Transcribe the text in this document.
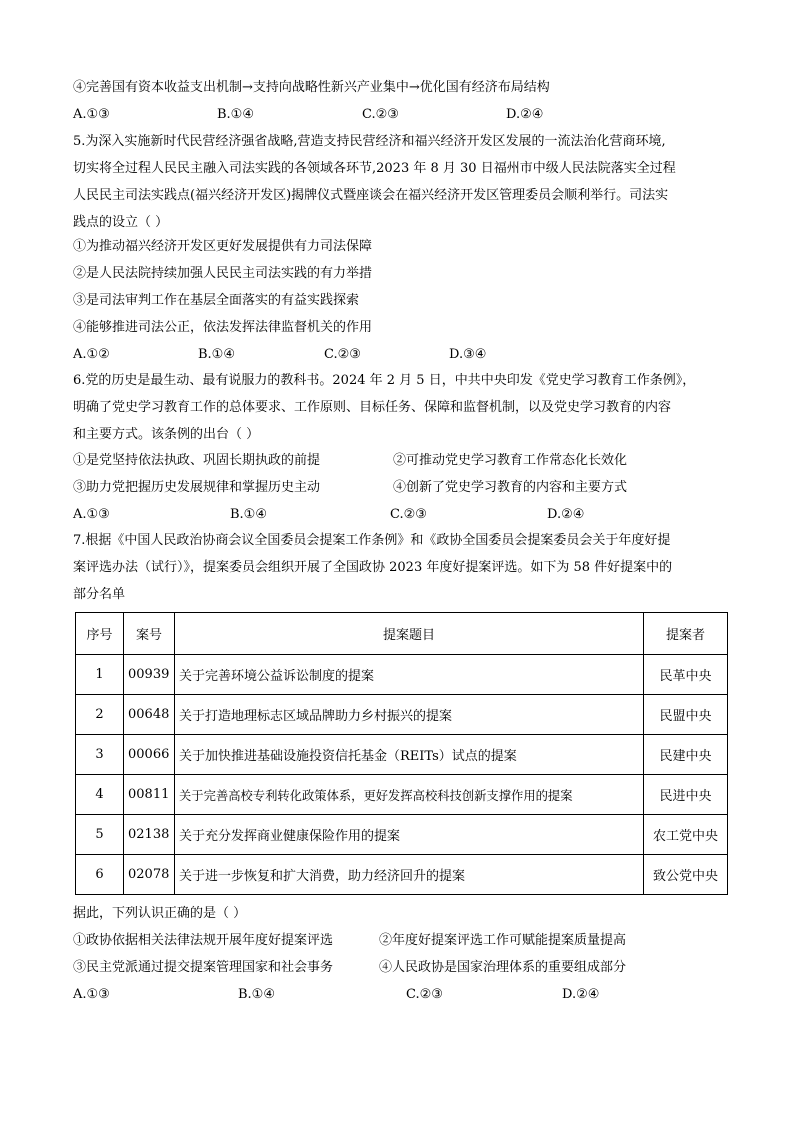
④完善国有资本收益支出机制→支持向战略性新兴产业集中→优化国有经济布局结构
A.①③	B.①④	C.②③	D.②④
5.为深入实施新时代民营经济强省战略,营造支持民营经济和福兴经济开发区发展的一流法治化营商环境,
切实将全过程人民民主融入司法实践的各领域各环节,2023 年 8 月 30 日福州市中级人民法院落实全过程
人民民主司法实践点(福兴经济开发区)揭牌仪式暨座谈会在福兴经济开发区管理委员会顺利举行。司法实
践点的设立（ ）
①为推动福兴经济开发区更好发展提供有力司法保障
②是人民法院持续加强人民民主司法实践的有力举措
③是司法审判工作在基层全面落实的有益实践探索
④能够推进司法公正，依法发挥法律监督机关的作用
A.①②	B.①④	C.②③	D.③④
6.党的历史是最生动、最有说服力的教科书。2024 年 2 月 5 日，中共中央印发《党史学习教育工作条例》，
明确了党史学习教育工作的总体要求、工作原则、目标任务、保障和监督机制，以及党史学习教育的内容
和主要方式。该条例的出台（ ）
①是党坚持依法执政、巩固长期执政的前提	②可推动党史学习教育工作常态化长效化
③助力党把握历史发展规律和掌握历史主动	④创新了党史学习教育的内容和主要方式
A.①③	B.①④	C.②③	D.②④
7.根据《中国人民政治协商会议全国委员会提案工作条例》和《政协全国委员会提案委员会关于年度好提
案评选办法（试行）》，提案委员会组织开展了全国政协 2023 年度好提案评选。如下为 58 件好提案中的
部分名单
序号	案号	提案题目	提案者
1	00939	关于完善环境公益诉讼制度的提案	民革中央
2	00648	关于打造地理标志区域品牌助力乡村振兴的提案	民盟中央
3	00066	关于加快推进基础设施投资信托基金（REITs）试点的提案	民建中央
4	00811	关于完善高校专利转化政策体系，更好发挥高校科技创新支撑作用的提案	民进中央
5	02138	关于充分发挥商业健康保险作用的提案	农工党中央
6	02078	关于进一步恢复和扩大消费，助力经济回升的提案	致公党中央
据此，下列认识正确的是（ ）
①政协依据相关法律法规开展年度好提案评选	②年度好提案评选工作可赋能提案质量提高
③民主党派通过提交提案管理国家和社会事务	④人民政协是国家治理体系的重要组成部分
A.①③	B.①④	C.②③	D.②④
